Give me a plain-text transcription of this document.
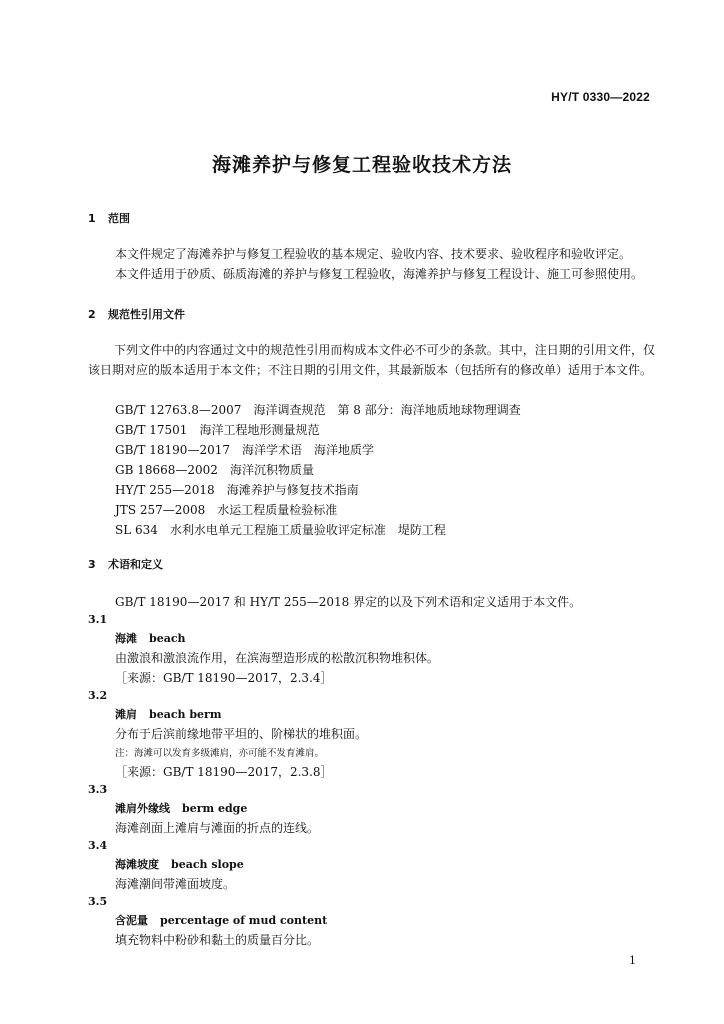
HY/T 0330—2022
海滩养护与修复工程验收技术方法
1 范围
本文件规定了海滩养护与修复工程验收的基本规定、验收内容、技术要求、验收程序和验收评定。
本文件适用于砂质、砾质海滩的养护与修复工程验收，海滩养护与修复工程设计、施工可参照使用。
2 规范性引用文件
下列文件中的内容通过文中的规范性引用而构成本文件必不可少的条款。其中，注日期的引用文件，仅该日期对应的版本适用于本文件；不注日期的引用文件，其最新版本（包括所有的修改单）适用于本文件。
GB/T 12763.8—2007 海洋调查规范　第 8 部分：海洋地质地球物理调查
GB/T 17501 海洋工程地形测量规范
GB/T 18190—2017 海洋学术语　海洋地质学
GB 18668—2002 海洋沉积物质量
HY/T 255—2018 海滩养护与修复技术指南
JTS 257—2008 水运工程质量检验标准
SL 634 水利水电单元工程施工质量验收评定标准　堤防工程
3 术语和定义
GB/T 18190—2017 和 HY/T 255—2018 界定的以及下列术语和定义适用于本文件。
3.1
海滩 beach
由激浪和激浪流作用，在滨海塑造形成的松散沉积物堆积体。
［来源：GB/T 18190—2017，2.3.4］
3.2
滩肩 beach berm
分布于后滨前缘地带平坦的、阶梯状的堆积面。
注：海滩可以发育多级滩肩，亦可能不发育滩肩。
［来源：GB/T 18190—2017，2.3.8］
3.3
滩肩外缘线 berm edge
海滩剖面上滩肩与滩面的折点的连线。
3.4
海滩坡度 beach slope
海滩潮间带滩面坡度。
3.5
含泥量 percentage of mud content
填充物料中粉砂和黏土的质量百分比。
1
